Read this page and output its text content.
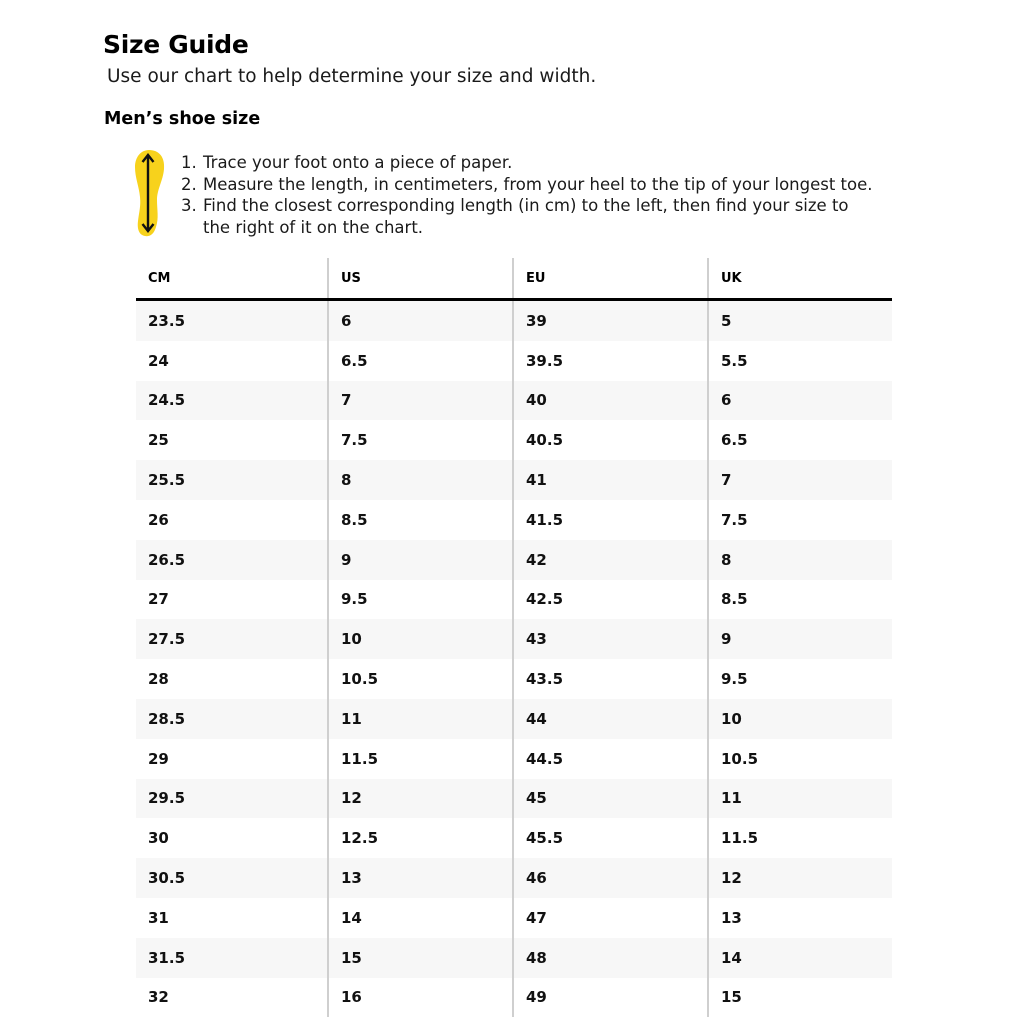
Size Guide

Use our chart to help determine your size and width.

Men’s shoe size
1. Trace your foot onto a piece of paper.
2. Measure the length, in centimeters, from your heel to the tip of your longest toe.
3. Find the closest corresponding length (in cm) to the left, then find your size to
the right of it on the chart.
CM	US	EU	UK
23.5	6	39	5
24	6.5	39.5	5.5
24.5	7	40	6
25	7.5	40.5	6.5
25.5	8	41	7
26	8.5	41.5	7.5
26.5	9	42	8
27	9.5	42.5	8.5
27.5	10	43	9
28	10.5	43.5	9.5
28.5	11	44	10
29	11.5	44.5	10.5
29.5	12	45	11
30	12.5	45.5	11.5
30.5	13	46	12
31	14	47	13
31.5	15	48	14
32	16	49	15
